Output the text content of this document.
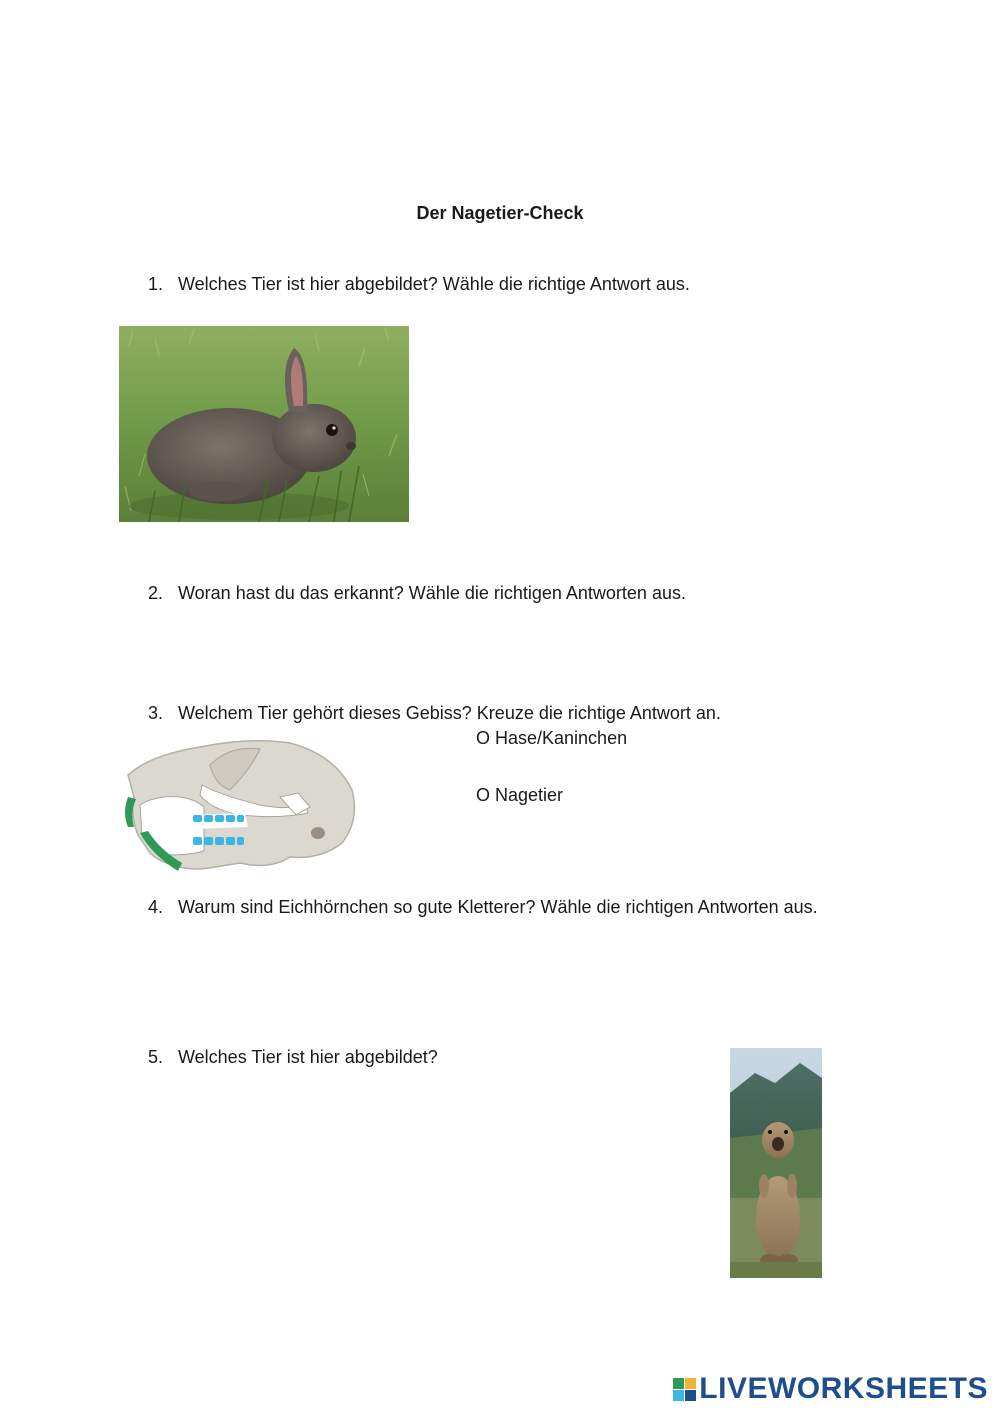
Der Nagetier-Check
1. Welches Tier ist hier abgebildet? Wähle die richtige Antwort aus.
2. Woran hast du das erkannt? Wähle die richtigen Antworten aus.
3. Welchem Tier gehört dieses Gebiss? Kreuze die richtige Antwort an.
O Hase/Kaninchen
O Nagetier
4. Warum sind Eichhörnchen so gute Kletterer? Wähle die richtigen Antworten aus.
5. Welches Tier ist hier abgebildet?
LIVEWORKSHEETS
